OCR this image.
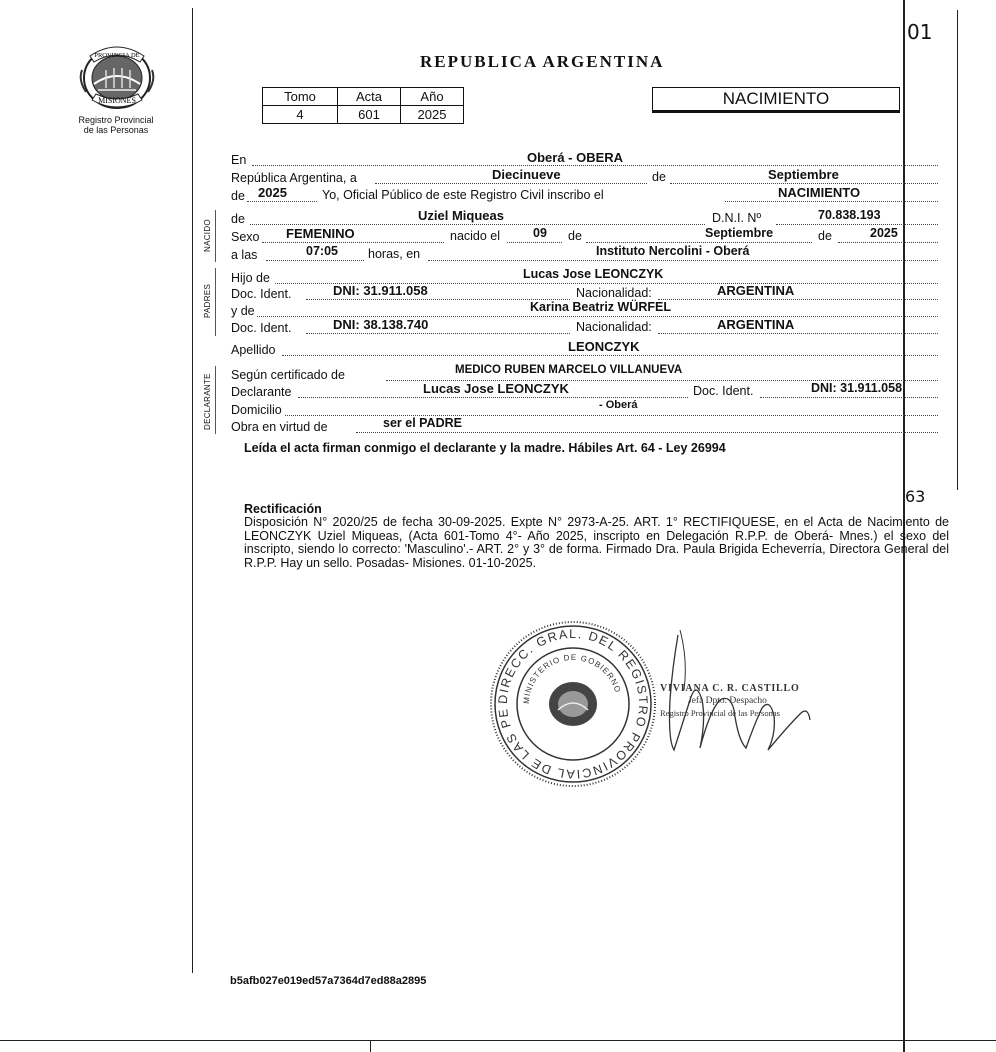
01
63
PROVINCIA DE
MISIONES
Registro Provincial
de las Personas
REPUBLICA ARGENTINA
Tomo	Acta	Año
4	601	2025
NACIMIENTO
NACIDO
PADRES
DECLARANTE
En	Oberá - OBERA
República Argentina, a	Diecinueve	de	Septiembre
de	2025	Yo, Oficial Público de este Registro Civil inscribo el	NACIMIENTO
de	Uziel Miqueas	D.N.I. Nº	70.838.193
Sexo	FEMENINO	nacido el	09 de	Septiembre	de	2025
a las	07:05 horas, en	Instituto Nercolini - Oberá
Hijo de	Lucas Jose LEONCZYK
Doc. Ident.	DNI: 31.911.058	Nacionalidad:	ARGENTINA
y de	Karina Beatriz WÜRFEL
Doc. Ident.	DNI: 38.138.740	Nacionalidad:	ARGENTINA
Apellido	LEONCZYK
Según certificado de	MEDICO RUBEN MARCELO VILLANUEVA
Declarante	Lucas Jose LEONCZYK	Doc. Ident.	DNI: 31.911.058
Domicilio	- Oberá
Obra en virtud de	ser el PADRE
Leída el acta firman conmigo el declarante y la madre. Hábiles Art. 64 - Ley 26994
Rectificación
Disposición N° 2020/25 de fecha 30-09-2025. Expte N° 2973-A-25. ART. 1° RECTIFIQUESE, en el Acta de Nacimiento de LEONCZYK Uziel Miqueas, (Acta 601-Tomo 4°- Año 2025, inscripto en Delegación R.P.P. de Oberá- Mnes.) el sexo del inscripto, siendo lo correcto: 'Masculino'.- ART. 2° y 3° de forma. Firmado Dra. Paula Brigida Echeverría, Directora General del R.P.P. Hay un sello. Posadas- Misiones. 01-10-2025.
DIRECC. GRAL. DEL REGISTRO PROVINCIAL DE LAS PE
MINISTERIO DE GOBIERNO	VIVIANA C. R. CASTILLO
Jefa Dpto. Despacho
Registro Provincial de las Personas
b5afb027e019ed57a7364d7ed88a2895
